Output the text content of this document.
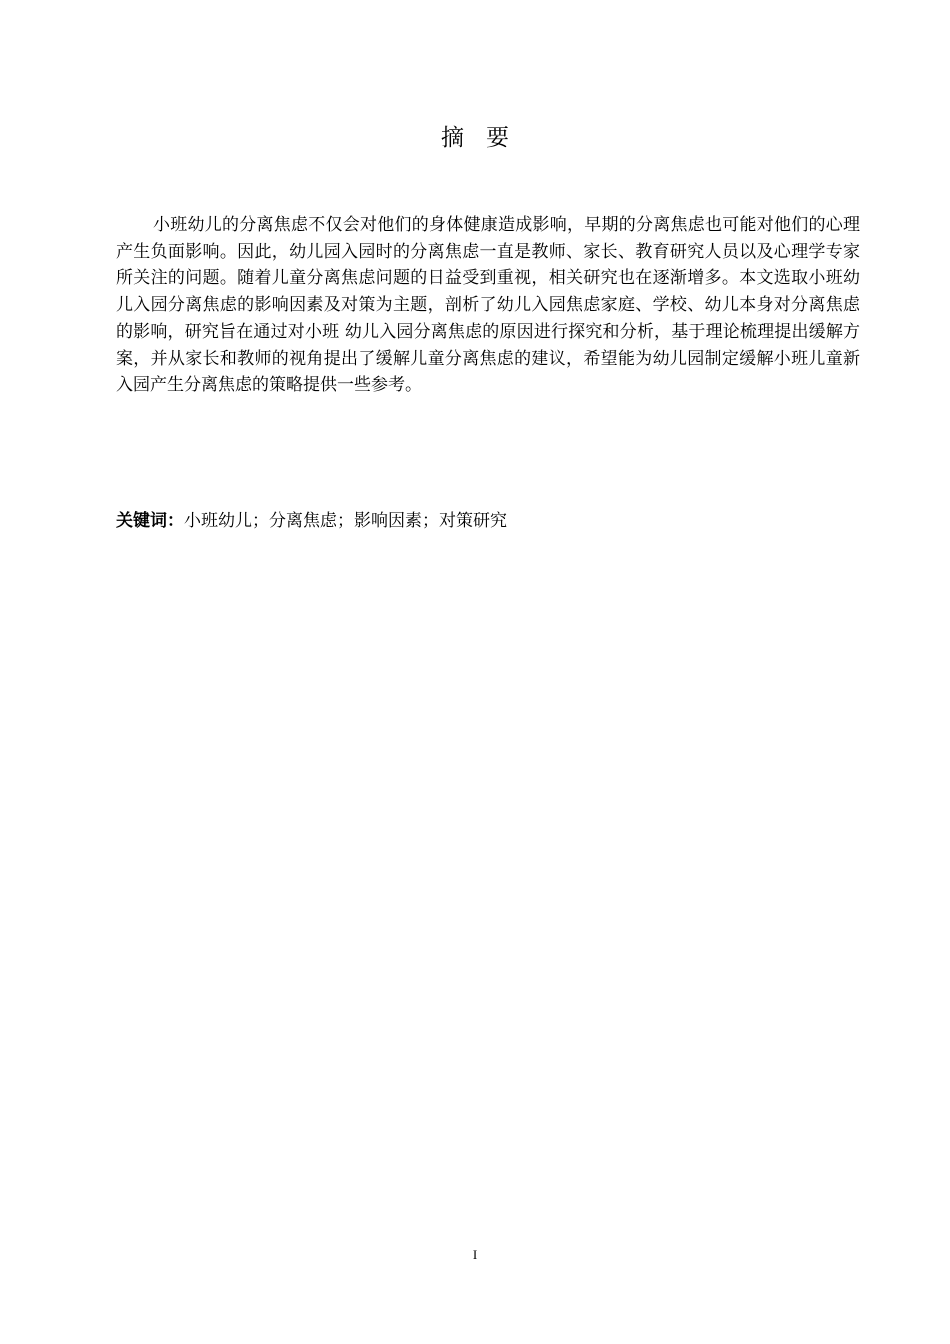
摘要

小班幼儿的分离焦虑不仅会对他们的身体健康造成影响，早期的分离焦虑也可能对他们的心理产生负面影响。因此，幼儿园入园时的分离焦虑一直是教师、家长、教育研究人员以及心理学专家所关注的问题。随着儿童分离焦虑问题的日益受到重视，相关研究也在逐渐增多。本文选取小班幼儿入园分离焦虑的影响因素及对策为主题，剖析了幼儿入园焦虑家庭、学校、幼儿本身对分离焦虑的影响，研究旨在通过对小班 幼儿入园分离焦虑的原因进行探究和分析，基于理论梳理提出缓解方案，并从家长和教师的视角提出了缓解儿童分离焦虑的建议，希望能为幼儿园制定缓解小班儿童新入园产生分离焦虑的策略提供一些参考。

关键词：小班幼儿；分离焦虑；影响因素；对策研究
I
